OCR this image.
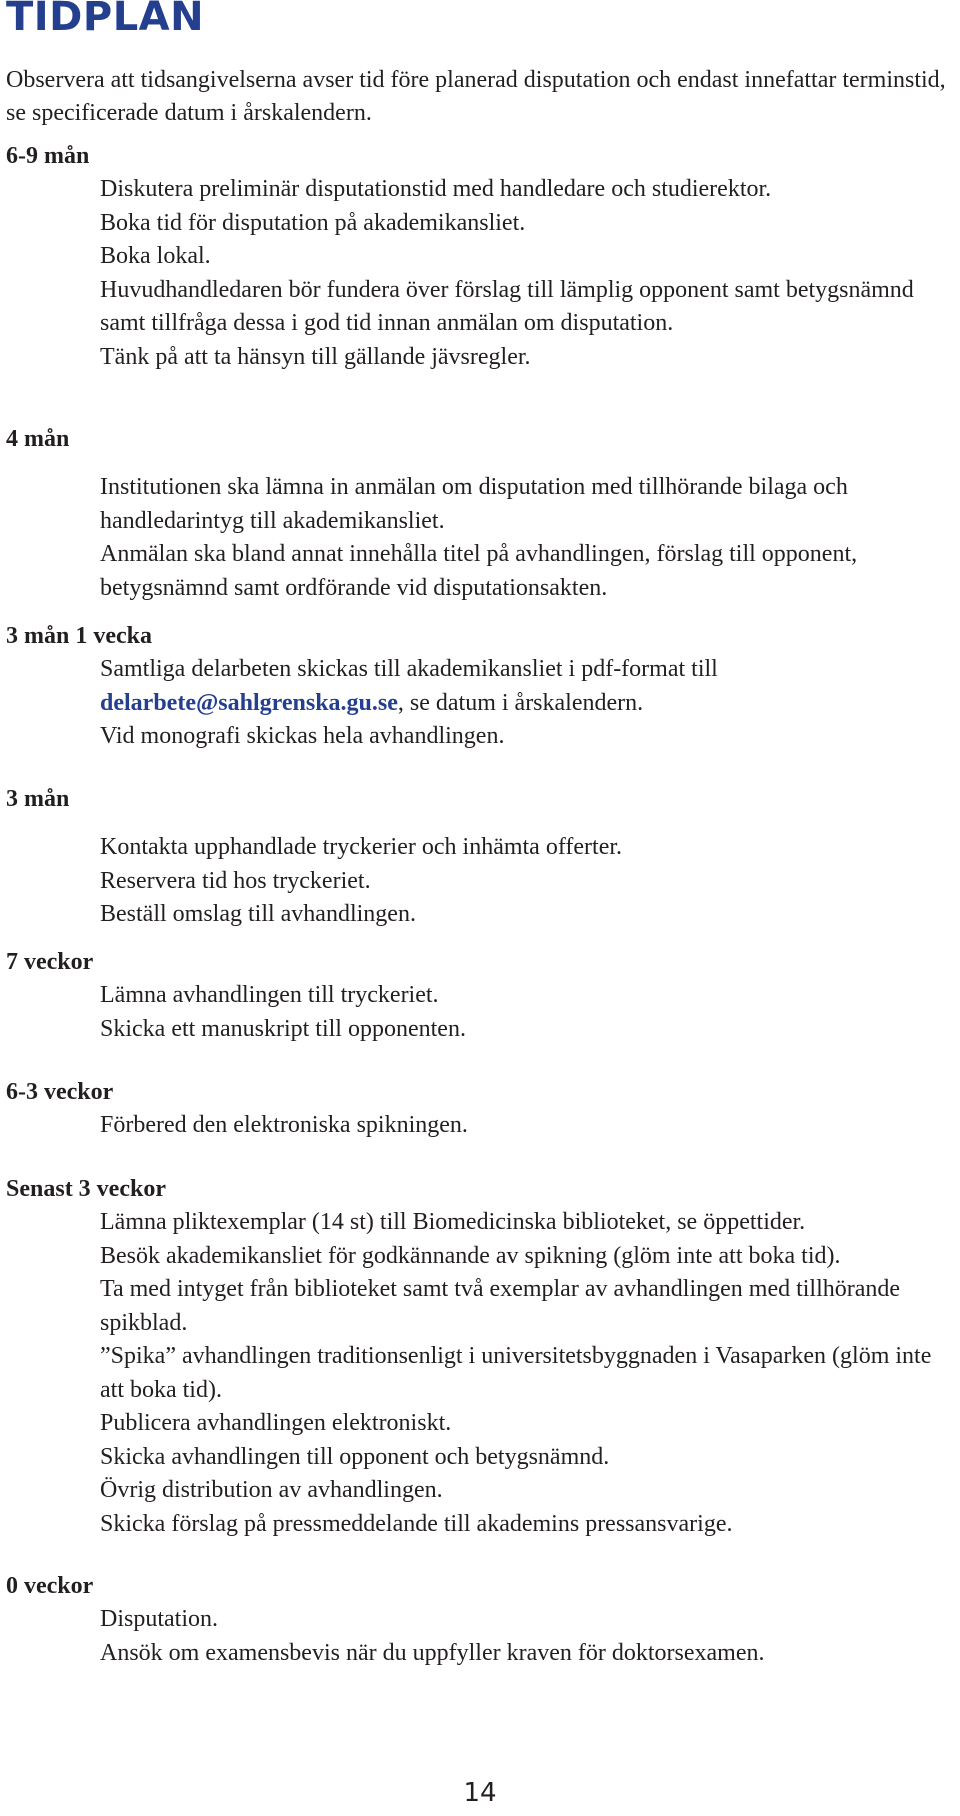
TIDPLAN

Observera att tidsangivelserna avser tid före planerad disputation och endast innefattar terminstid, se specificerade datum i årskalendern.

6-9 mån
Diskutera preliminär disputationstid med handledare och studierektor.
Boka tid för disputation på akademikansliet.
Boka lokal.
Huvudhandledaren bör fundera över förslag till lämplig opponent samt betygsnämnd samt tillfråga dessa i god tid innan anmälan om disputation.
Tänk på att ta hänsyn till gällande jävsregler.
4 mån
Institutionen ska lämna in anmälan om disputation med tillhörande bilaga och handledarintyg till akademikansliet.
Anmälan ska bland annat innehålla titel på avhandlingen, förslag till opponent, betygsnämnd samt ordförande vid disputationsakten.
3 mån 1 vecka
Samtliga delarbeten skickas till akademikansliet i pdf-format till
delarbete@sahlgrenska.gu.se, se datum i årskalendern.
Vid monografi skickas hela avhandlingen.
3 mån
Kontakta upphandlade tryckerier och inhämta offerter.
Reservera tid hos tryckeriet.
Beställ omslag till avhandlingen.
7 veckor
Lämna avhandlingen till tryckeriet.
Skicka ett manuskript till opponenten.
6-3 veckor
Förbered den elektroniska spikningen.
Senast 3 veckor
Lämna pliktexemplar (14 st) till Biomedicinska biblioteket, se öppettider.
Besök akademikansliet för godkännande av spikning (glöm inte att boka tid).
Ta med intyget från biblioteket samt två exemplar av avhandlingen med tillhörande spikblad.
”Spika” avhandlingen traditionsenligt i universitetsbyggnaden i Vasaparken (glöm inte att boka tid).
Publicera avhandlingen elektroniskt.
Skicka avhandlingen till opponent och betygsnämnd.
Övrig distribution av avhandlingen.
Skicka förslag på pressmeddelande till akademins pressansvarige.
0 veckor
Disputation.
Ansök om examensbevis när du uppfyller kraven för doktorsexamen.
14
